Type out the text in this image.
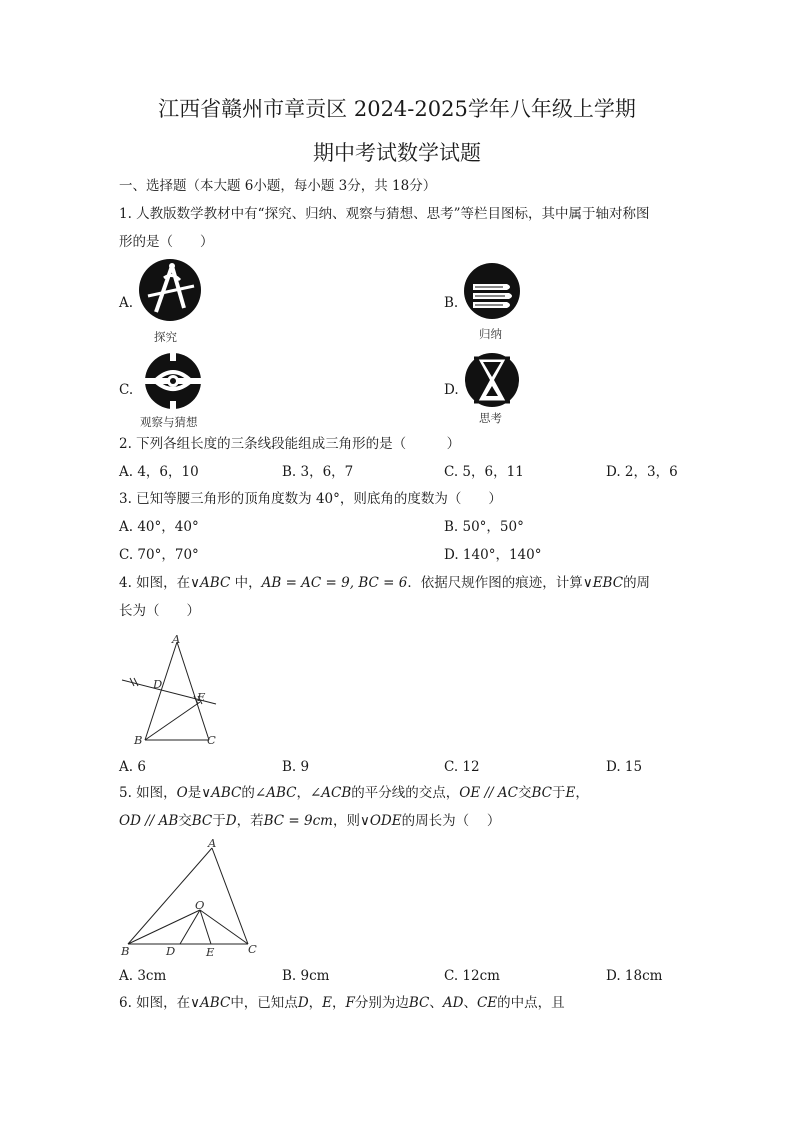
江西省赣州市章贡区 2024-2025学年八年级上学期
期中考试数学试题
一、选择题（本大题 6小题，每小题 3分，共 18分）
1. 人教版数学教材中有“探究、归纳、观察与猜想、思考”等栏目图标，其中属于轴对称图
形的是（　　）
A.
探究
B.
归纳
C.
观察与猜想
D.
思考
2. 下列各组长度的三条线段能组成三角形的是（　　　）
A. 4，6，10	B. 3，6，7	C. 5，6，11	D. 2，3，6
3. 已知等腰三角形的顶角度数为 40°，则底角的度数为（　　）
A. 40°，40°	B. 50°，50°
C. 70°，70°	D. 140°，140°
4. 如图，在∨ABC 中，AB = AC = 9, BC = 6．依据尺规作图的痕迹，计算∨EBC的周
长为（　　）
A
D
E
B	C
A. 6	B. 9	C. 12	D. 15
5. 如图，O是∨ABC的∠ABC，∠ACB的平分线的交点，OE // AC交BC于E，
OD // AB交BC于D，若BC = 9cm，则∨ODE的周长为（　 ）
A
O
B	D	E	C
A. 3cm	B. 9cm	C. 12cm	D. 18cm
6. 如图，在∨ABC中，已知点D，E，F分别为边BC、AD、CE的中点，且
